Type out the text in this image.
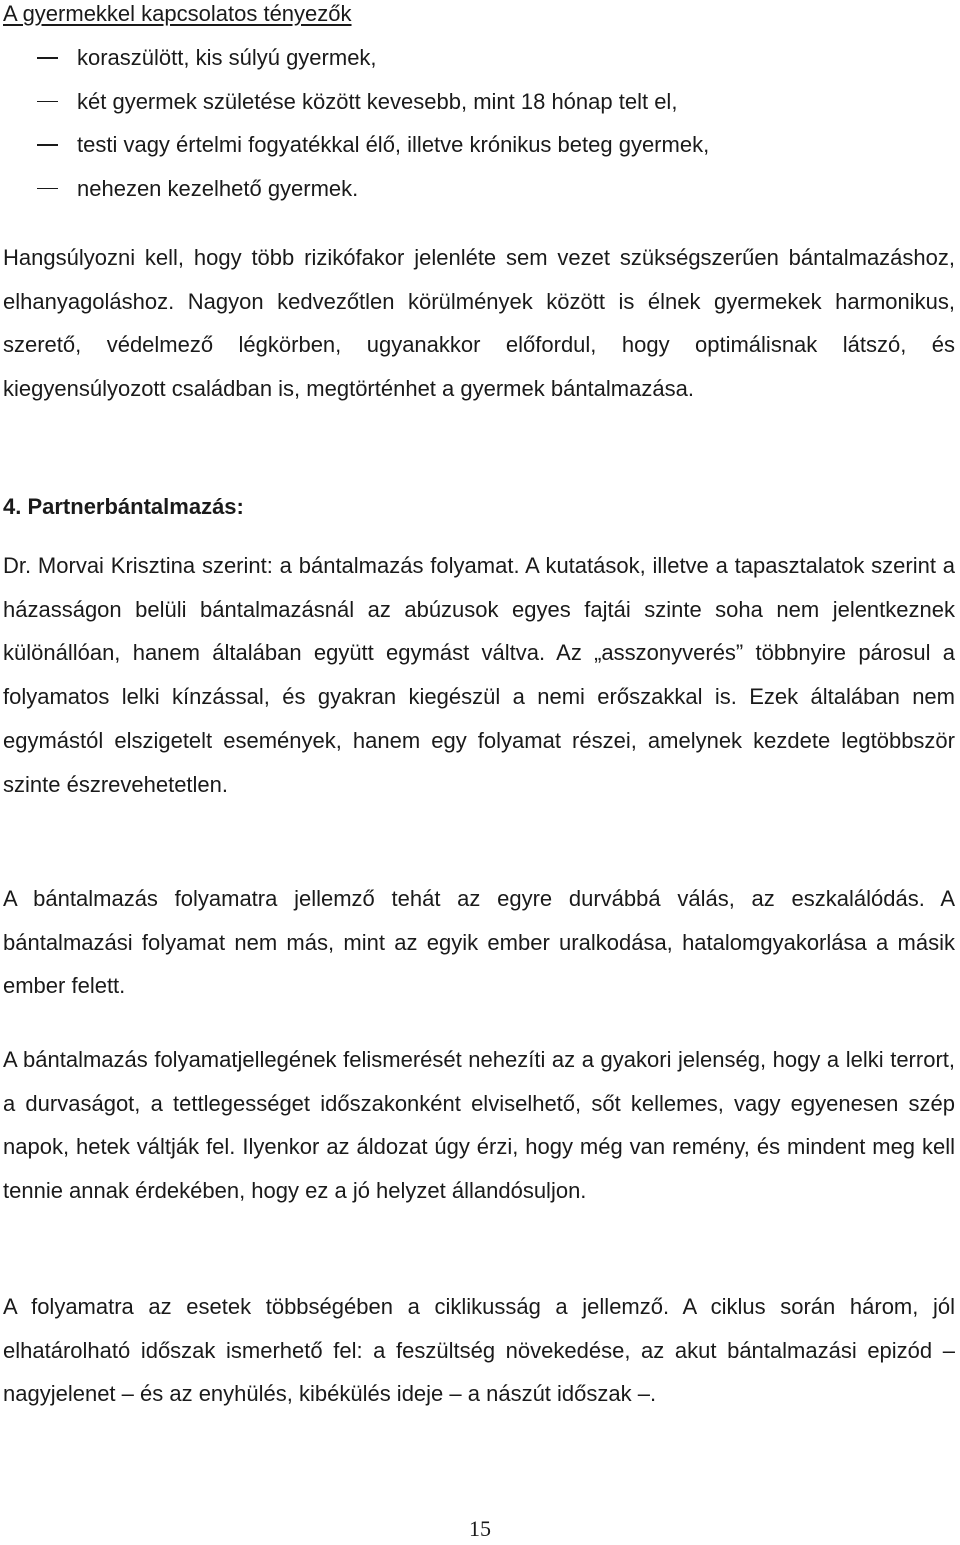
A gyermekkel kapcsolatos tényezők
koraszülött, kis súlyú gyermek,
két gyermek születése között kevesebb, mint 18 hónap telt el,
testi vagy értelmi fogyatékkal élő, illetve krónikus beteg gyermek,
nehezen kezelhető gyermek.

Hangsúlyozni kell, hogy több rizikófakor jelenléte sem vezet szükségszerűen bántalmazáshoz, elhanyagoláshoz. Nagyon kedvezőtlen körülmények között is élnek gyermekek harmonikus, szerető, védelmező légkörben, ugyanakkor előfordul, hogy optimálisnak látszó, és kiegyensúlyozott családban is, megtörténhet a gyermek bántalmazása.

4. Partnerbántalmazás:

Dr. Morvai Krisztina szerint: a bántalmazás folyamat. A kutatások, illetve a tapasztalatok szerint a házasságon belüli bántalmazásnál az abúzusok egyes fajtái szinte soha nem jelentkeznek különállóan, hanem általában együtt egymást váltva. Az „asszonyverés” többnyire párosul a folyamatos lelki kínzással, és gyakran kiegészül a nemi erőszakkal is. Ezek általában nem egymástól elszigetelt események, hanem egy folyamat részei, amelynek kezdete legtöbbször szinte észrevehetetlen.

A bántalmazás folyamatra jellemző tehát az egyre durvábbá válás, az eszkalálódás. A bántalmazási folyamat nem más, mint az egyik ember uralkodása, hatalomgyakorlása a másik ember felett.

A bántalmazás folyamatjellegének felismerését nehezíti az a gyakori jelenség, hogy a lelki terrort, a durvaságot, a tettlegességet időszakonként elviselhető, sőt kellemes, vagy egyenesen szép napok, hetek váltják fel. Ilyenkor az áldozat úgy érzi, hogy még van remény, és mindent meg kell tennie annak érdekében, hogy ez a jó helyzet állandósuljon.

A folyamatra az esetek többségében a ciklikusság a jellemző. A ciklus során három, jól elhatárolható időszak ismerhető fel: a feszültség növekedése, az akut bántalmazási epizód – nagyjelenet – és az enyhülés, kibékülés ideje – a nászút időszak –.

15
